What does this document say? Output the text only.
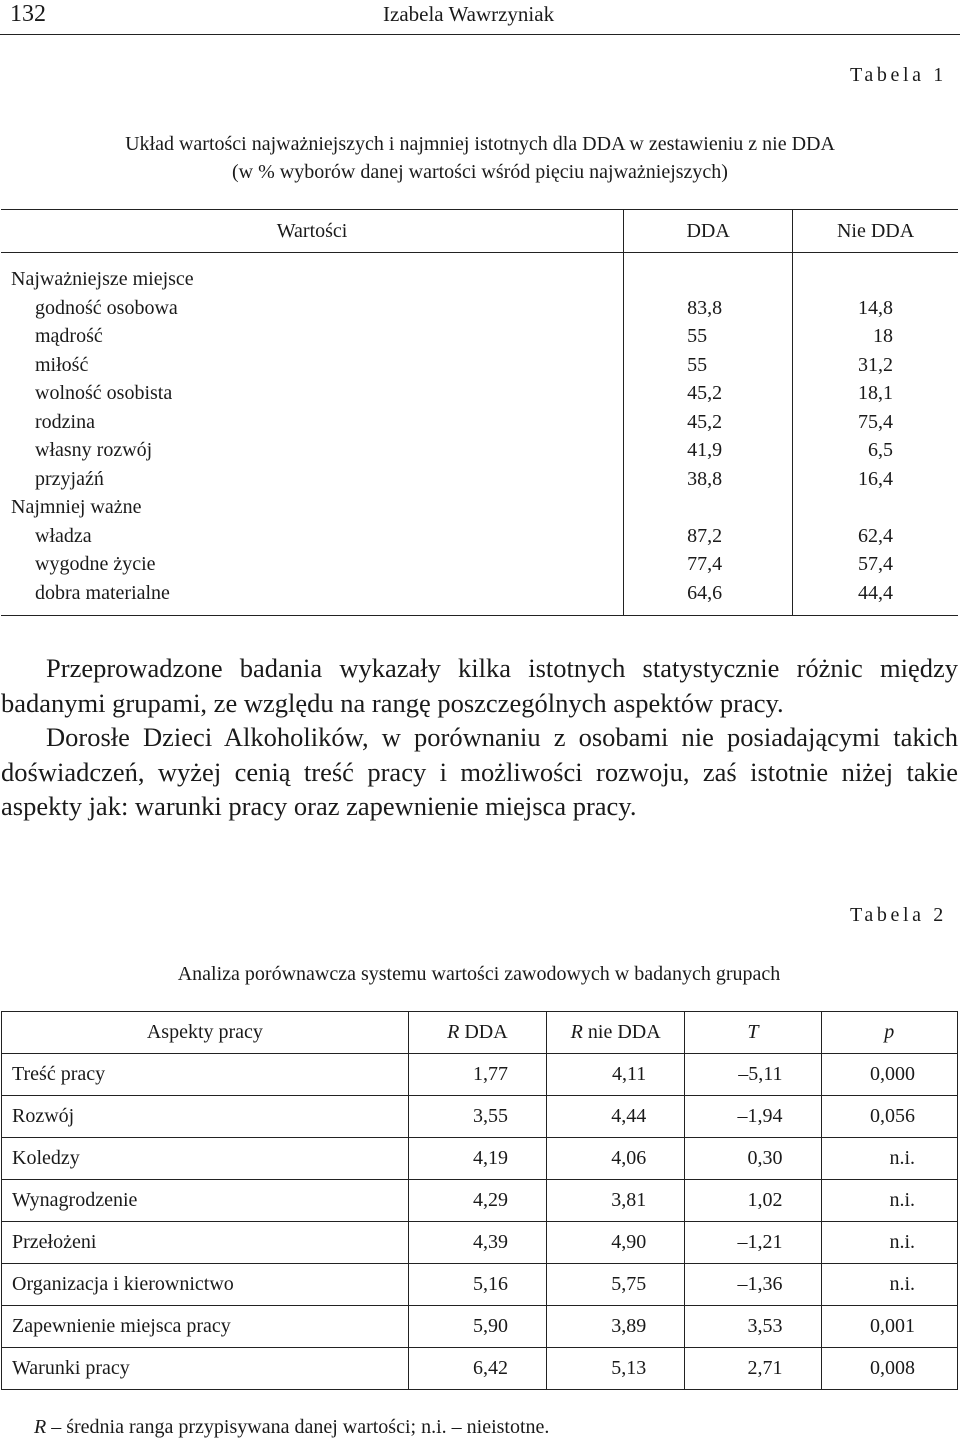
132	Izabela Wawrzyniak
Tabela 1
Układ wartości najważniejszych i najmniej istotnych dla DDA w zestawieniu z nie DDA
(w % wyborów danej wartości wśród pięciu najważniejszych)
Wartości	DDA	Nie DDA
Najważniejsze miejsce		
godność osobowa	83,8	14,8
mądrość	55	18
miłość	55	31,2
wolność osobista	45,2	18,1
rodzina	45,2	75,4
własny rozwój	41,9	6,5
przyjaźń	38,8	16,4
Najmniej ważne		
władza	87,2	62,4
wygodne życie	77,4	57,4
dobra materialne	64,6	44,4

Przeprowadzone badania wykazały kilka istotnych statystycznie różnic między badanymi grupami, ze względu na rangę poszczególnych aspektów pracy.

Dorosłe Dzieci Alkoholików, w porównaniu z osobami nie posiadającymi takich doświadczeń, wyżej cenią treść pracy i możliwości rozwoju, zaś istotnie niżej takie aspekty jak: warunki pracy oraz zapewnienie miejsca pracy.

Tabela 2
Analiza porównawcza systemu wartości zawodowych w badanych grupach
Aspekty pracy	R DDA	R nie DDA	T	p
Treść pracy	1,77	4,11	–5,11	0,000
Rozwój	3,55	4,44	–1,94	0,056
Koledzy	4,19	4,06	0,30	n.i.
Wynagrodzenie	4,29	3,81	1,02	n.i.
Przełożeni	4,39	4,90	–1,21	n.i.
Organizacja i kierownictwo	5,16	5,75	–1,36	n.i.
Zapewnienie miejsca pracy	5,90	3,89	3,53	0,001
Warunki pracy	6,42	5,13	2,71	0,008
R – średnia ranga przypisywana danej wartości; n.i. – nieistotne.
